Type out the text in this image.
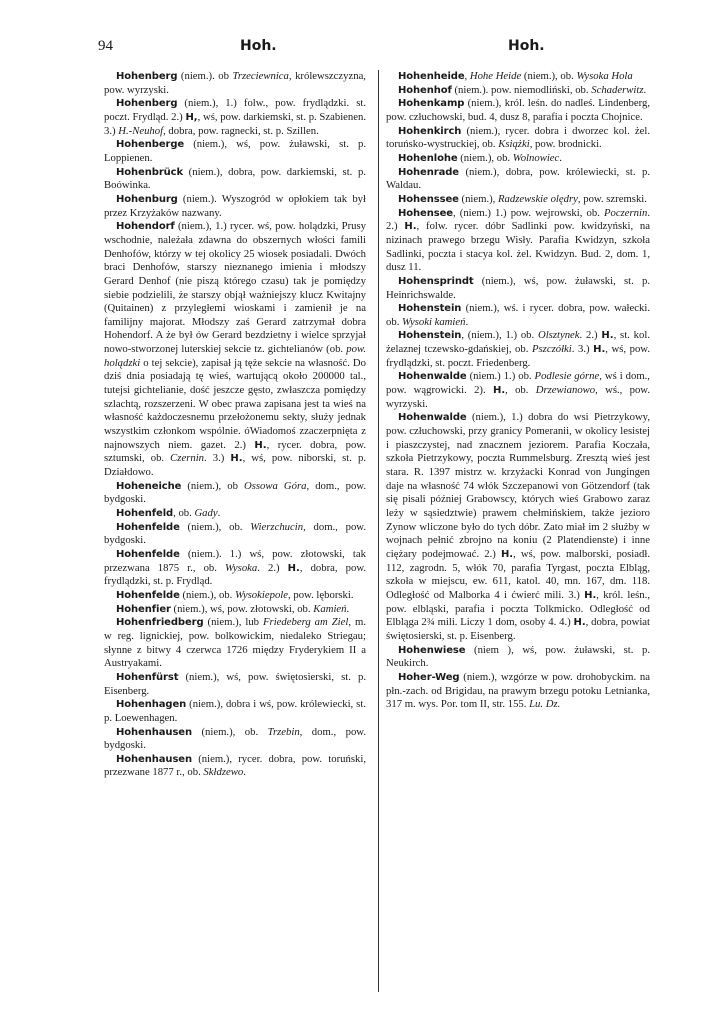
94	Hoh.	Hoh.

Hohenberg (niem.). ob Trzeciewnica, królewszczyzna, pow. wyrzyski.

Hohenberg (niem.), 1.) folw., pow. frydlądzki. st. poczt. Frydląd. 2.) H,, wś, pow. darkiemski, st. p. Szabienen. 3.) H.-Neuhof, dobra, pow. ragnecki, st. p. Szillen.

Hohenberge (niem.), wś, pow. żuławski, st. p. Loppienen.

Hohenbrück (niem.), dobra, pow. darkiemski, st. p. Boówinka.

Hohenburg (niem.). Wyszogród w opłokiem tak był przez Krzyżaków nazwany.

Hohendorf (niem.), 1.) rycer. wś, pow. holądzki, Prusy wschodnie, należała zdawna do obszernych włości famili Denhofów, którzy w tej okolicy 25 wiosek posiadali. Dwóch braci Denhofów, starszy nieznanego imienia i młodszy Gerard Denhof (nie piszą którego czasu) tak je pomiędzy siebie podzielili, że starszy objął ważniejszy klucz Kwitajny (Quitainen) z przyległemi wioskami i zamienił je na familijny majorat. Młodszy zaś Gerard zatrzymał dobra Hohendorf. A że był ów Gerard bezdzietny i wielce sprzyjał nowo-stworzonej luterskiej sekcie tz. gichtelianów (ob. pow. holądzki o tej sekcie), zapisał ją tęże sekcie na własność. Do dziś dnia posiadają tę wieś, wartującą około 200000 tal., tutejsi gichtelianie, dość jeszcze gęsto, zwłaszcza pomiędzy szlachtą, rozszerzeni. W obec prawa zapisana jest ta wieś na własność każdoczesnemu przełożonemu sekty, służy jednak wszystkim członkom wspólnie. óWiadomoś zzaczerpnięta z najnowszych niem. gazet. 2.) H., rycer. dobra, pow. sztumski, ob. Czernin. 3.) H., wś, pow. niborski, st. p. Działdowo.

Hoheneiche (niem.), ob Ossowa Góra, dom., pow. bydgoski.

Hohenfeld, ob. Gady.

Hohenfelde (niem.), ob. Wierzchucin, dom., pow. bydgoski.

Hohenfelde (niem.). 1.) wś, pow. złotowski, tak przezwana 1875 r., ob. Wysoka. 2.) H., dobra, pow. frydlądzki, st. p. Frydląd.

Hohenfelde (niem.), ob. Wysokiepole, pow. lęborski.

Hohenfier (niem.), wś, pow. złotowski, ob. Kamień.

Hohenfriedberg (niem.), lub Friedeberg am Ziel, m. w reg. lignickiej, pow. bolkowickim, niedaleko Striegau; słynne z bitwy 4 czerwca 1726 między Fryderykiem II a Austryakami.

Hohenfürst (niem.), wś, pow. świętosierski, st. p. Eisenberg.

Hohenhagen (niem.), dobra i wś, pow. królewiecki, st. p. Loewenhagen.

Hohenhausen (niem.), ob. Trzebin, dom., pow. bydgoski.

Hohenhausen (niem.), rycer. dobra, pow. toruński, przezwane 1877 r., ob. Skłdzewo.

Hohenheide, Hohe Heide (niem.), ob. Wysoka Hola

Hohenhof (niem.). pow. niemodliński, ob. Schaderwitz.

Hohenkamp (niem.), król. leśn. do nadleś. Lindenberg, pow. człuchowski, bud. 4, dusz 8, parafia i poczta Chojnice.

Hohenkirch (niem.), rycer. dobra i dworzec kol. żel. toruńsko-wystruckiej, ob. Książki, pow. brodnicki.

Hohenlohe (niem.), ob. Wolnowiec.

Hohenrade (niem.), dobra, pow. królewiecki, st. p. Waldau.

Hohenssee (niem.), Radzewskie olędry, pow. szremski.

Hohensee, (niem.) 1.) pow. wejrowski, ob. Poczernin. 2.) H., folw. rycer. dóbr Sadlinki pow. kwidzyński, na nizinach prawego brzegu Wisły. Parafia Kwidzyn, szkoła Sadlinki, poczta i stacya kol. żel. Kwidzyn. Bud. 2, dom. 1, dusz 11.

Hohensprindt (niem.), wś, pow. żuławski, st. p. Heinrichswalde.

Hohenstein (niem.), wś. i rycer. dobra, pow. wałecki. ob. Wysoki kamień.

Hohenstein, (niem.), 1.) ob. Olsztynek. 2.) H., st. kol. żelaznej tczewsko-gdańskiej, ob. Pszczółki. 3.) H., wś, pow. frydlądzki, st. poczt. Friedenberg.

Hohenwalde (niem.) 1.) ob. Podlesie górne, wś i dom., pow. wągrowicki. 2). H., ob. Drzewianowo, wś., pow. wyrzyski.

Hohenwalde (niem.), 1.) dobra do wsi Pietrzykowy, pow. człuchowski, przy granicy Pomeranii, w okolicy lesistej i piaszczystej, nad znacznem jeziorem. Parafia Koczała, szkoła Pietrzykowy, poczta Rummelsburg. Zresztą wieś jest stara. R. 1397 mistrz w. krzyżacki Konrad von Jungingen daje na własność 74 włók Szczepanowi von Götzendorf (tak się pisali później Grabowscy, których wieś Grabowo zaraz leży w sąsiedztwie) prawem chełmińskiem, także jezioro Zynow wliczone było do tych dóbr. Zato miał im 2 służby w wojnach pełnić zbrojno na koniu (2 Platendienste) i inne ciężary podejmować. 2.) H., wś, pow. malborski, posiadł. 112, zagrodn. 5, włók 70, parafia Tyrgast, poczta Elbląg, szkoła w miejscu, ew. 611, katol. 40, mn. 167, dm. 118. Odległość od Malborka 4 i ćwierć mili. 3.) H., król. leśn., pow. elbląski, parafia i poczta Tolkmicko. Odległość od Elbląga 2¾ mili. Liczy 1 dom, osoby 4. 4.) H., dobra, powiat świętosierski, st. p. Eisenberg.

Hohenwiese (niem ), wś, pow. żuławski, st. p. Neukirch.

Hoher-Weg (niem.), wzgórze w pow. drohobyckim. na płn.-zach. od Brigidau, na prawym brzegu potoku Letnianka, 317 m. wys. Por. tom II, str. 155. Lu. Dz.
